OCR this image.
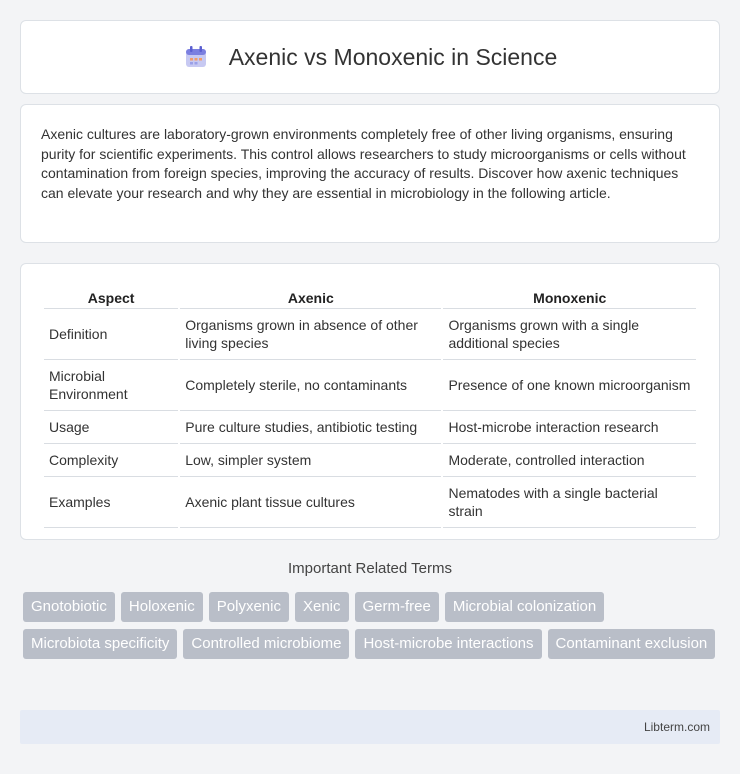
Axenic vs Monoxenic in Science

Axenic cultures are laboratory-grown environments completely free of other living organisms, ensuring purity for scientific experiments. This control allows researchers to study microorganisms or cells without contamination from foreign species, improving the accuracy of results. Discover how axenic techniques can elevate your research and why they are essential in microbiology in the following article.

Aspect	Axenic	Monoxenic
Definition	Organisms grown in absence of other living species	Organisms grown with a single additional species
Microbial Environment	Completely sterile, no contaminants	Presence of one known microorganism
Usage	Pure culture studies, antibiotic testing	Host-microbe interaction research
Complexity	Low, simpler system	Moderate, controlled interaction
Examples	Axenic plant tissue cultures	Nematodes with a single bacterial strain
Important Related Terms
Gnotobiotic	Holoxenic	Polyxenic	Xenic	Germ-free	Microbial colonization
Microbiota specificity	Controlled microbiome	Host-microbe interactions	Contaminant exclusion
Libterm.com
